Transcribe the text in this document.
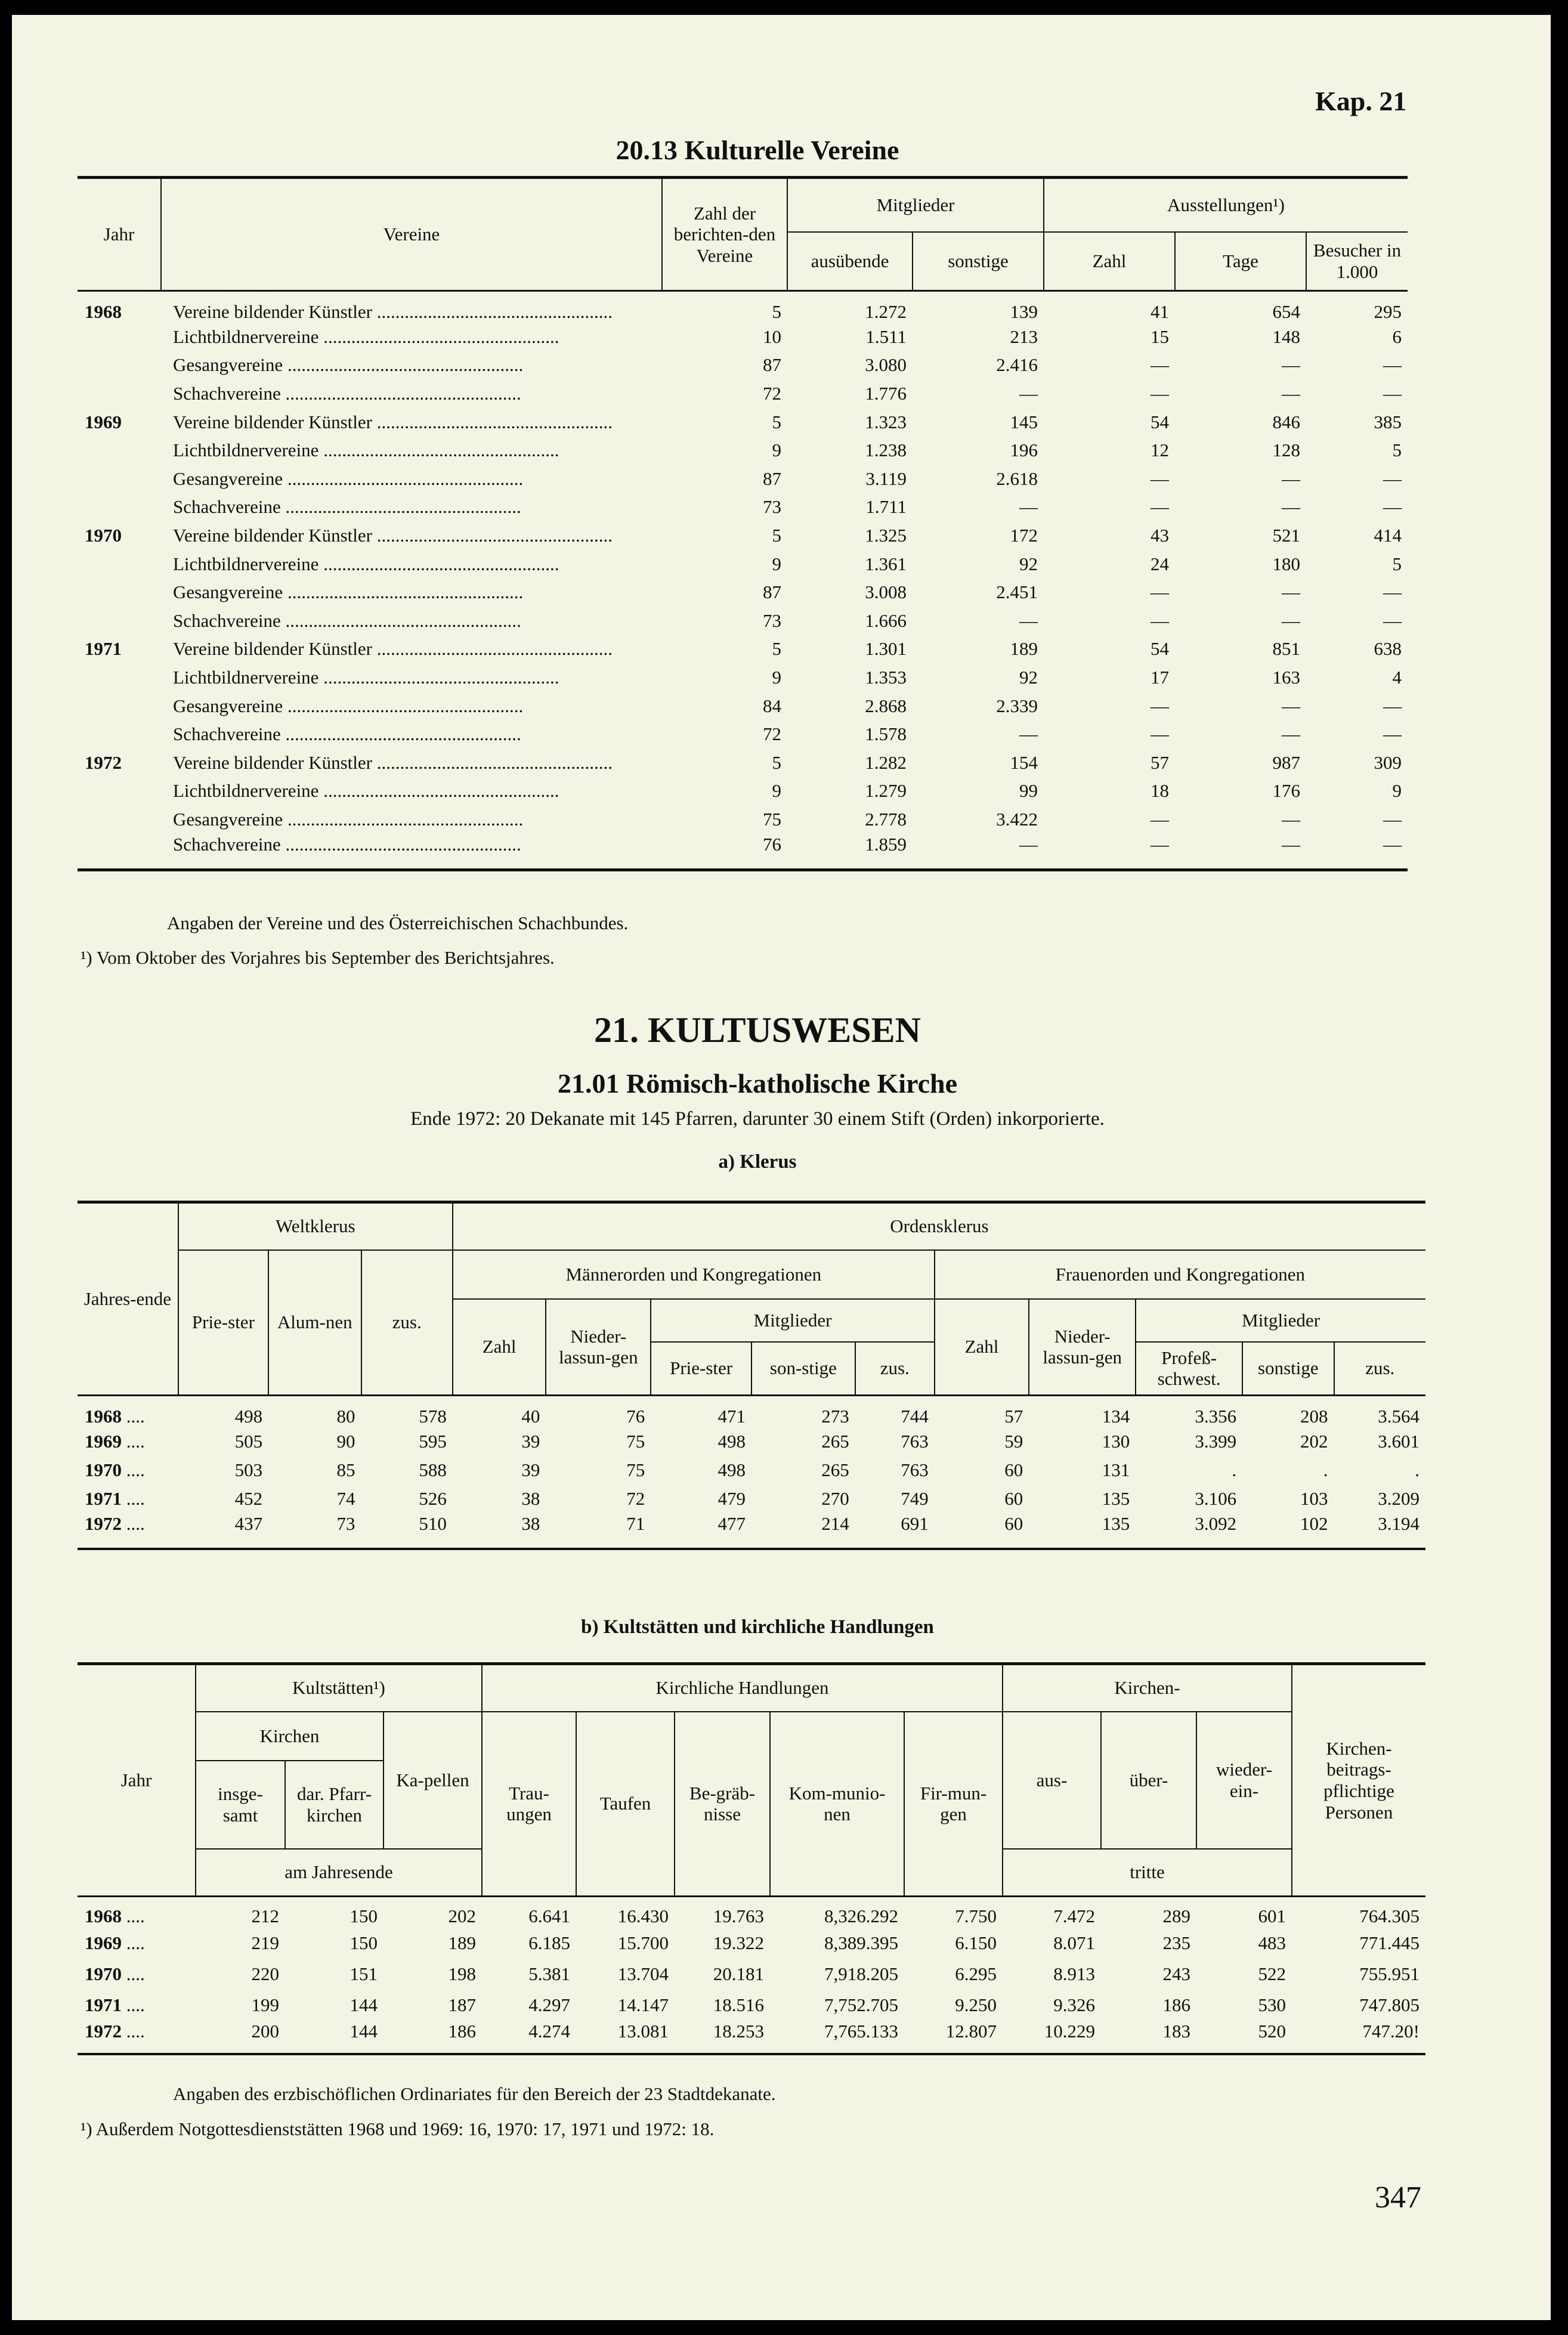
Kap. 21
20.13 Kulturelle Vereine
Jahr	Vereine	Zahl der berichten-den Vereine	Mitglieder		Ausstellungen¹)		
			ausübende	sonstige	Zahl	Tage	Besucher in 1.000
1968	Vereine bildender Künstler .....	5	1.272	139	41	654	295
	Lichtbildnervereine .....	10	1.511	213	15	148	6
	Gesangvereine .....	87	3.080	2.416	—	—	—
	Schachvereine .....	72	1.776	—	—	—	—
1969	Vereine bildender Künstler .....	5	1.323	145	54	846	385
	Lichtbildnervereine .....	9	1.238	196	12	128	5
	Gesangvereine .....	87	3.119	2.618	—	—	—
	Schachvereine .....	73	1.711	—	—	—	—
1970	Vereine bildender Künstler .....	5	1.325	172	43	521	414
	Lichtbildnervereine .....	9	1.361	92	24	180	5
	Gesangvereine .....	87	3.008	2.451	—	—	—
	Schachvereine .....	73	1.666	—	—	—	—
1971	Vereine bildender Künstler .....	5	1.301	189	54	851	638
	Lichtbildnervereine .....	9	1.353	92	17	163	4
	Gesangvereine .....	84	2.868	2.339	—	—	—
	Schachvereine .....	72	1.578	—	—	—	—
1972	Vereine bildender Künstler .....	5	1.282	154	57	987	309
	Lichtbildnervereine .....	9	1.279	99	18	176	9
	Gesangvereine .....	75	2.778	3.422	—	—	—
	Schachvereine .....	76	1.859	—	—	—	—
Angaben der Vereine und des Österreichischen Schachbundes.
¹) Vom Oktober des Vorjahres bis September des Berichtsjahres.
21. KULTUSWESEN
21.01 Römisch-katholische Kirche
Ende 1972: 20 Dekanate mit 145 Pfarren, darunter 30 einem Stift (Orden) inkorporierte.
a) Klerus
Jahres-ende	Weltklerus			Ordensklerus									
	Prie-ster	Alum-nen	zus.	Männerorden und Kongregationen					Frauenorden und Kongregationen				
				Zahl	Nieder-lassun-gen	Mitglieder			Zahl	Nieder-lassun-gen	Mitglieder		
						Prie-ster	son-stige	zus.			Profeß-schwest.	sonstige	zus.
1968 ....	498	80	578	40	76	471	273	744	57	134	3.356	208	3.564
1969 ....	505	90	595	39	75	498	265	763	59	130	3.399	202	3.601
1970 ....	503	85	588	39	75	498	265	763	60	131	.	.	.
1971 ....	452	74	526	38	72	479	270	749	60	135	3.106	103	3.209
1972 ....	437	73	510	38	71	477	214	691	60	135	3.092	102	3.194
b) Kultstätten und kirchliche Handlungen
Jahr	Kultstätten¹)			Kirchliche Handlungen					Kirchen-			Kirchen-beitrags-pflichtige Personen
	Kirchen		Ka-pellen	Trau-ungen	Taufen	Be-gräb-nisse	Kom-munio-nen	Fir-mun-gen	aus-	über-	wieder-ein-	
	insge-samt	dar. Pfarr-kirchen										
	am Jahresende								tritte			
1968 ....	212	150	202	6.641	16.430	19.763	8,326.292	7.750	7.472	289	601	764.305
1969 ....	219	150	189	6.185	15.700	19.322	8,389.395	6.150	8.071	235	483	771.445
1970 ....	220	151	198	5.381	13.704	20.181	7,918.205	6.295	8.913	243	522	755.951
1971 ....	199	144	187	4.297	14.147	18.516	7,752.705	9.250	9.326	186	530	747.805
1972 ....	200	144	186	4.274	13.081	18.253	7,765.133	12.807	10.229	183	520	747.20!
Angaben des erzbischöflichen Ordinariates für den Bereich der 23 Stadtdekanate.
¹) Außerdem Notgottesdienststätten 1968 und 1969: 16, 1970: 17, 1971 und 1972: 18.
347
